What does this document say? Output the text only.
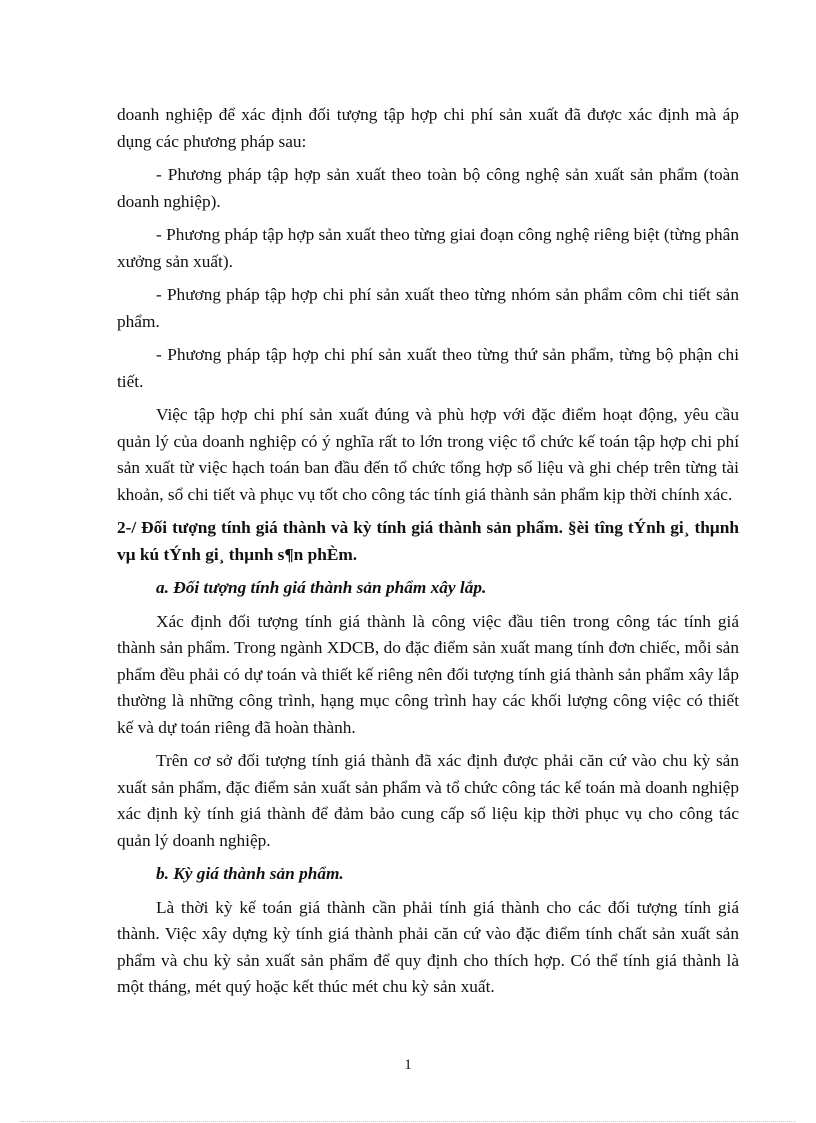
doanh nghiệp để xác định đối tượng tập hợp chi phí sản xuất đã được xác định mà áp dụng các phương pháp sau:

- Phương pháp tập hợp sản xuất theo toàn bộ công nghệ sản xuất sản phẩm (toàn doanh nghiệp).

- Phương pháp tập hợp sản xuất theo từng giai đoạn công nghệ riêng biệt (từng phân xưởng sản xuất).

- Phương pháp tập hợp chi phí sản xuất theo từng nhóm sản phẩm côm chi tiết sản phẩm.

- Phương pháp tập hợp chi phí sản xuất theo từng thứ sản phẩm, từng bộ phận chi tiết.

Việc tập hợp chi phí sản xuất đúng và phù hợp với đặc điểm hoạt động, yêu cầu quản lý của doanh nghiệp có ý nghĩa rất to lớn trong việc tổ chức kế toán tập hợp chi phí sản xuất từ việc hạch toán ban đầu đến tổ chức tổng hợp số liệu và ghi chép trên từng tài khoản, sổ chi tiết và phục vụ tốt cho công tác tính giá thành sản phẩm kịp thời chính xác.

2-/ Đối tượng tính giá thành và kỳ tính giá thành sản phẩm. §èi tîng tÝnh gi¸ thµnh vµ kú tÝnh gi¸ thµnh s¶n phÈm.

a. Đối tượng tính giá thành sản phẩm xây lắp.

Xác định đối tượng tính giá thành là công việc đầu tiên trong công tác tính giá thành sản phẩm. Trong ngành XDCB, do đặc điểm sản xuất mang tính đơn chiếc, mỗi sản phẩm đều phải có dự toán và thiết kế riêng nên đối tượng tính giá thành sản phẩm xây lắp thường là những công trình, hạng mục công trình hay các khối lượng công việc có thiết kế và dự toán riêng đã hoàn thành.

Trên cơ sở đối tượng tính giá thành đã xác định được phải căn cứ vào chu kỳ sản xuất sản phẩm, đặc điểm sản xuất sản phẩm và tổ chức công tác kế toán mà doanh nghiệp xác định kỳ tính giá thành để đảm bảo cung cấp số liệu kịp thời phục vụ cho công tác quản lý doanh nghiệp.

b. Kỳ giá thành sản phẩm.

Là thời kỳ kế toán giá thành cần phải tính giá thành cho các đối tượng tính giá thành. Việc xây dựng kỳ tính giá thành phải căn cứ vào đặc điểm tính chất sản xuất sản phẩm và chu kỳ sản xuất sản phẩm để quy định cho thích hợp. Có thể tính giá thành là một tháng, mét quý hoặc kết thúc mét chu kỳ sản xuất.

1
